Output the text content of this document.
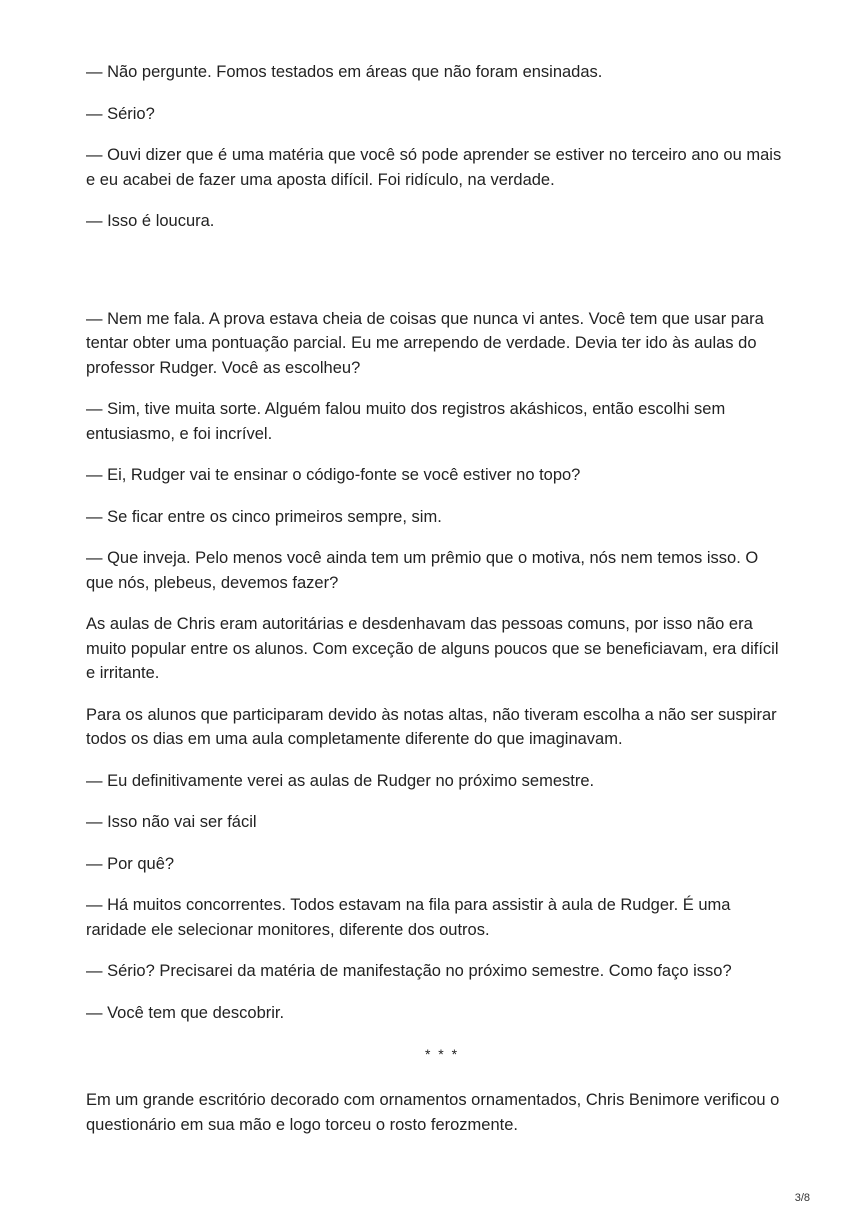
— Não pergunte. Fomos testados em áreas que não foram ensinadas.

— Sério?

— Ouvi dizer que é uma matéria que você só pode aprender se estiver no terceiro ano ou mais e eu acabei de fazer uma aposta difícil. Foi ridículo, na verdade.

— Isso é loucura.

— Nem me fala. A prova estava cheia de coisas que nunca vi antes. Você tem que usar para tentar obter uma pontuação parcial. Eu me arrependo de verdade. Devia ter ido às aulas do professor Rudger. Você as escolheu?

— Sim, tive muita sorte. Alguém falou muito dos registros akáshicos, então escolhi sem entusiasmo, e foi incrível.

— Ei, Rudger vai te ensinar o código-fonte se você estiver no topo?

— Se ficar entre os cinco primeiros sempre, sim.

— Que inveja. Pelo menos você ainda tem um prêmio que o motiva, nós nem temos isso. O que nós, plebeus, devemos fazer?

As aulas de Chris eram autoritárias e desdenhavam das pessoas comuns, por isso não era muito popular entre os alunos. Com exceção de alguns poucos que se beneficiavam, era difícil e irritante.

Para os alunos que participaram devido às notas altas, não tiveram escolha a não ser suspirar todos os dias em uma aula completamente diferente do que imaginavam.

— Eu definitivamente verei as aulas de Rudger no próximo semestre.

— Isso não vai ser fácil

— Por quê?

— Há muitos concorrentes. Todos estavam na fila para assistir à aula de Rudger. É uma raridade ele selecionar monitores, diferente dos outros.

— Sério? Precisarei da matéria de manifestação no próximo semestre. Como faço isso?

— Você tem que descobrir.

* * *

Em um grande escritório decorado com ornamentos ornamentados, Chris Benimore verificou o questionário em sua mão e logo torceu o rosto ferozmente.

3/8
